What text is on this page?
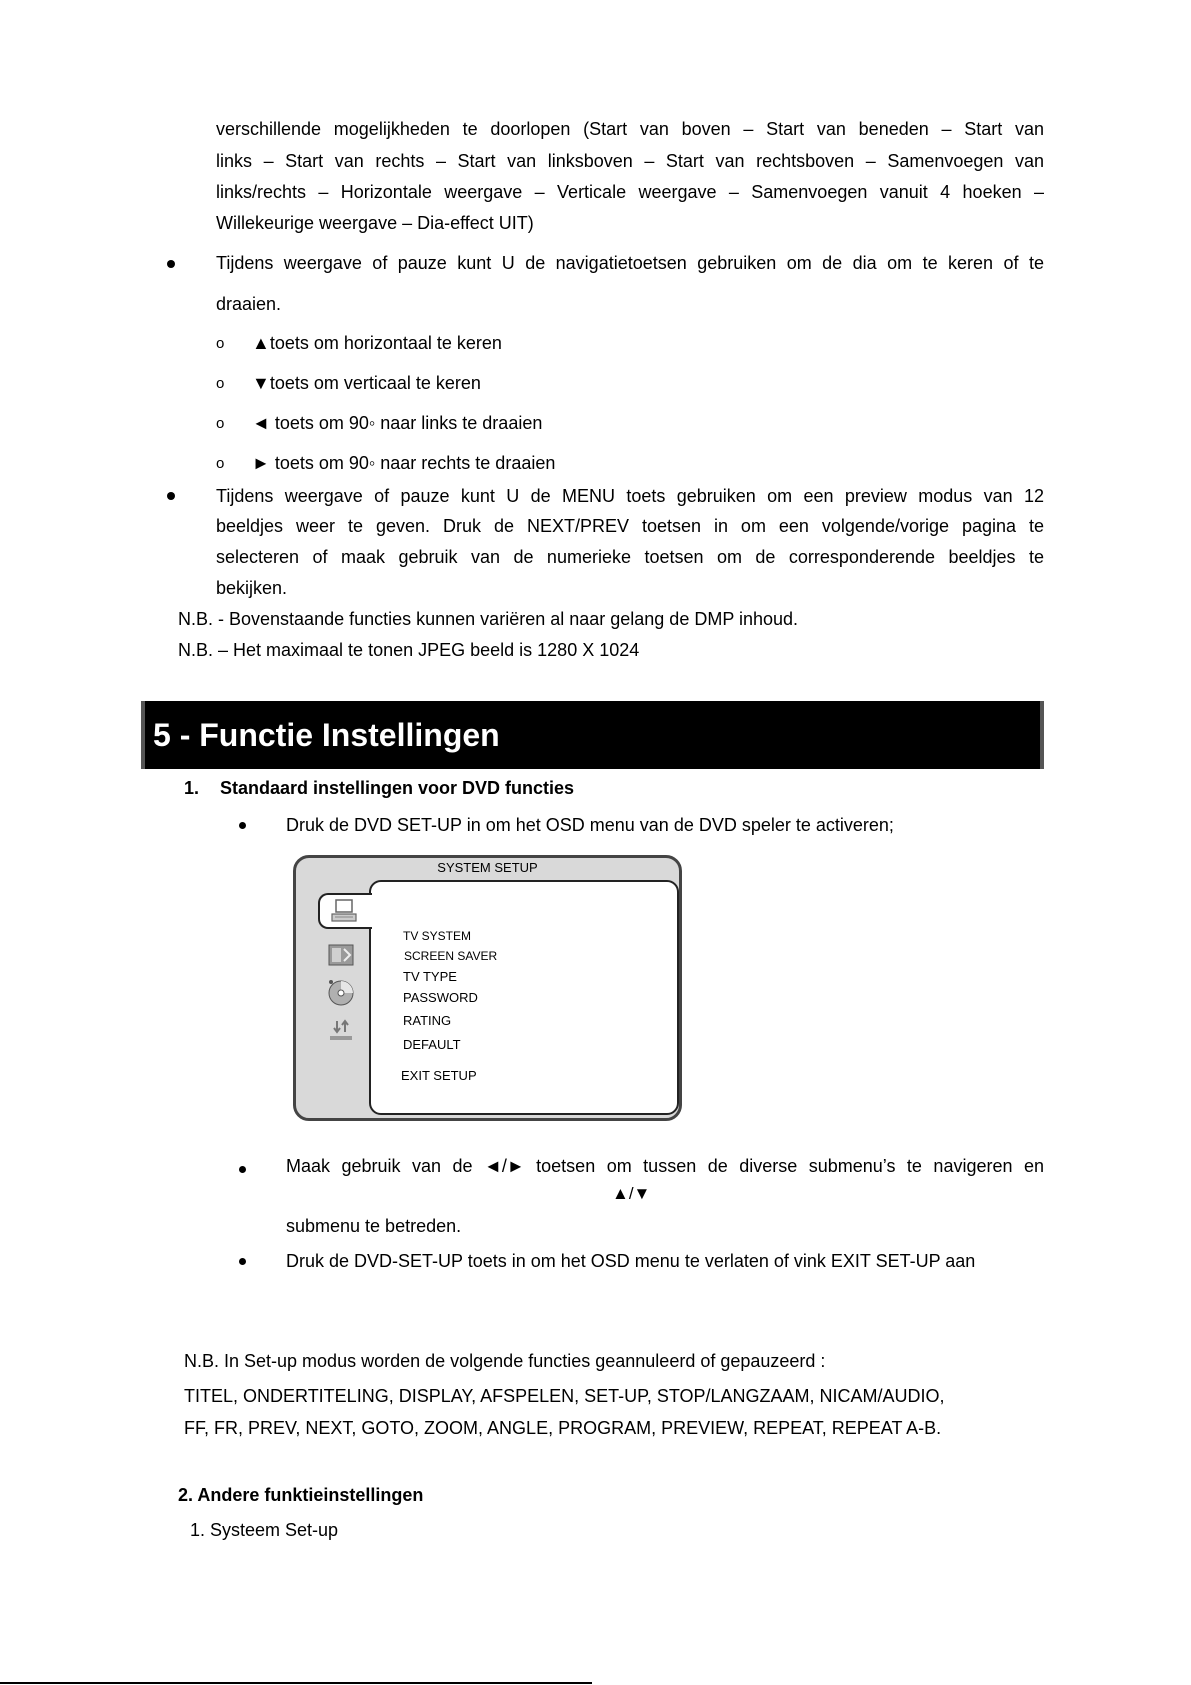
verschillende mogelijkheden te doorlopen (Start van boven – Start van beneden – Start van
links – Start van rechts – Start van linksboven – Start van rechtsboven – Samenvoegen van
links/rechts – Horizontale weergave – Verticale weergave – Samenvoegen vanuit 4 hoeken –
Willekeurige weergave – Dia-effect UIT)
Tijdens weergave of pauze kunt U de navigatietoetsen gebruiken om de dia om te keren of te
draaien.
o ▲toets om horizontaal te keren
o ▼toets om verticaal te keren
o ◄ toets om 90◦ naar links te draaien
o ► toets om 90◦ naar rechts te draaien
Tijdens weergave of pauze kunt U de MENU toets gebruiken om een preview modus van 12
beeldjes weer te geven. Druk de NEXT/PREV toetsen in om een volgende/vorige pagina te
selecteren of maak gebruik van de numerieke toetsen om de corresponderende beeldjes te
bekijken.
N.B. - Bovenstaande functies kunnen variëren al naar gelang de DMP inhoud.
N.B. – Het maximaal te tonen JPEG beeld is 1280 X 1024
5 - Functie Instellingen
1. Standaard instellingen voor DVD functies
Druk de DVD SET-UP in om het OSD menu van de DVD speler te activeren;
SYSTEM SETUP
TV SYSTEM
SCREEN SAVER
TV TYPE
PASSWORD
RATING
DEFAULT
EXIT SETUP
Maak gebruik van de ◄/► toetsen om tussen de diverse submenu’s te navigeren en
▲/▼
submenu te betreden.
Druk de DVD-SET-UP toets in om het OSD menu te verlaten of vink EXIT SET-UP aan
N.B. In Set-up modus worden de volgende functies geannuleerd of gepauzeerd :
TITEL, ONDERTITELING, DISPLAY, AFSPELEN, SET-UP, STOP/LANGZAAM, NICAM/AUDIO,
FF, FR, PREV, NEXT, GOTO, ZOOM, ANGLE, PROGRAM, PREVIEW, REPEAT, REPEAT A-B.
2. Andere funktieinstellingen
1. Systeem Set-up
